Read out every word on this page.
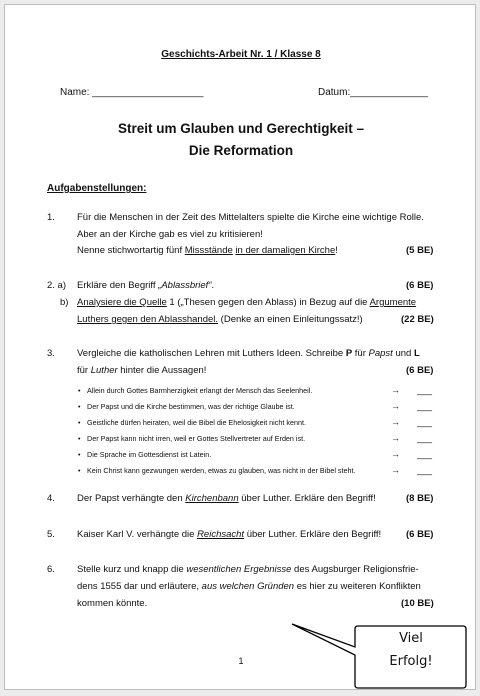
Geschichts-Arbeit Nr. 1 / Klasse 8
Name: ____________________	Datum:______________
Streit um Glauben und Gerechtigkeit –
Die Reformation
Aufgabenstellungen:
1. Für die Menschen in der Zeit des Mittelalters spielte die Kirche eine wichtige Rolle.
Aber an der Kirche gab es viel zu kritisieren!
Nenne stichwortartig fünf Missstände in der damaligen Kirche!	(5 BE)
2. a) Erkläre den Begriff „Ablassbrief“.	(6 BE)
b) Analysiere die Quelle 1 („Thesen gegen den Ablass) in Bezug auf die Argumente
Luthers gegen den Ablasshandel. (Denke an einen Einleitungssatz!)	(22 BE)
3. Vergleiche die katholischen Lehren mit Luthers Ideen. Schreibe P für Papst und L
für Luther hinter die Aussagen!	(6 BE)
• Allein durch Gottes Barmherzigkeit erlangt der Mensch das Seelenheil.	→ ___
• Der Papst und die Kirche bestimmen, was der richtige Glaube ist.	→ ___
• Geistliche dürfen heiraten, weil die Bibel die Ehelosigkeit nicht kennt.	→ ___
• Der Papst kann nicht irren, weil er Gottes Stellvertreter auf Erden ist.	→ ___
• Die Sprache im Gottesdienst ist Latein.	→ ___
• Kein Christ kann gezwungen werden, etwas zu glauben, was nicht in der Bibel steht.	→ ___
4. Der Papst verhängte den Kirchenbann über Luther. Erkläre den Begriff!	(8 BE)
5. Kaiser Karl V. verhängte die Reichsacht über Luther. Erkläre den Begriff!	(6 BE)
6. Stelle kurz und knapp die wesentlichen Ergebnisse des Augsburger Religionsfrie-
dens 1555 dar und erläutere, aus welchen Gründen es hier zu weiteren Konflikten
kommen könnte.	(10 BE)
1
Viel
Erfolg!
